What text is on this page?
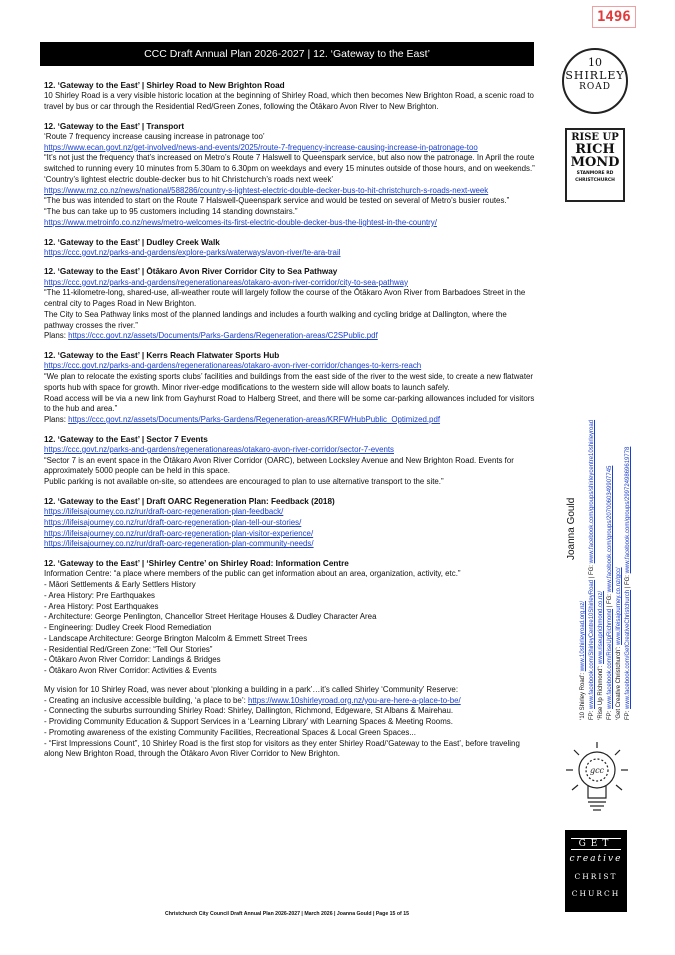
1496
CCC Draft Annual Plan 2026-2027 | 12. ‘Gateway to the East’
12. ‘Gateway to the East’ | Shirley Road to New Brighton Road
10 Shirley Road is a very visible historic location at the beginning of Shirley Road, which then becomes New Brighton Road, a scenic road to travel by bus or car through the Residential Red/Green Zones, following the Ōtākaro Avon River to New Brighton.
12. ‘Gateway to the East’ | Transport
‘Route 7 frequency increase causing increase in patronage too’
https://www.ecan.govt.nz/get-involved/news-and-events/2025/route-7-frequency-increase-causing-increase-in-patronage-too
“It’s not just the frequency that’s increased on Metro’s Route 7 Halswell to Queenspark service, but also now the patronage. In April the route switched to running every 10 minutes from 5.30am to 6.30pm on weekdays and every 15 minutes outside of those hours, and on weekends.”
‘Country’s lightest electric double-decker bus to hit Christchurch’s roads next week’
https://www.rnz.co.nz/news/national/588286/country-s-lightest-electric-double-decker-bus-to-hit-christchurch-s-roads-next-week
“The bus was intended to start on the Route 7 Halswell-Queenspark service and would be tested on several of Metro’s busier routes.”
“The bus can take up to 95 customers including 14 standing downstairs.”
https://www.metroinfo.co.nz/news/metro-welcomes-its-first-electric-double-decker-bus-the-lightest-in-the-country/
12. ‘Gateway to the East’ | Dudley Creek Walk
https://ccc.govt.nz/parks-and-gardens/explore-parks/waterways/avon-river/te-ara-trail
12. ‘Gateway to the East’ | Ōtākaro Avon River Corridor City to Sea Pathway
https://ccc.govt.nz/parks-and-gardens/regenerationareas/otakaro-avon-river-corridor/city-to-sea-pathway
“The 11-kilometre-long, shared-use, all-weather route will largely follow the course of the Ōtākaro Avon River from Barbadoes Street in the central city to Pages Road in New Brighton.
The City to Sea Pathway links most of the planned landings and includes a fourth walking and cycling bridge at Dallington, where the pathway crosses the river.”
Plans: https://ccc.govt.nz/assets/Documents/Parks-Gardens/Regeneration-areas/C2SPublic.pdf
12. ‘Gateway to the East’ | Kerrs Reach Flatwater Sports Hub
https://ccc.govt.nz/parks-and-gardens/regenerationareas/otakaro-avon-river-corridor/changes-to-kerrs-reach
“We plan to relocate the existing sports clubs’ facilities and buildings from the east side of the river to the west side, to create a new flatwater sports hub with space for growth. Minor river-edge modifications to the western side will allow boats to launch safely.
Road access will be via a new link from Gayhurst Road to Halberg Street, and there will be some car-parking allowances included for visitors to the hub and area.”
Plans: https://ccc.govt.nz/assets/Documents/Parks-Gardens/Regeneration-areas/KRFWHubPublic_Optimized.pdf
12. ‘Gateway to the East’ | Sector 7 Events
https://ccc.govt.nz/parks-and-gardens/regenerationareas/otakaro-avon-river-corridor/sector-7-events
“Sector 7 is an event space in the Ōtākaro Avon River Corridor (OARC), between Locksley Avenue and New Brighton Road. Events for approximately 5000 people can be held in this space.
Public parking is not available on-site, so attendees are encouraged to plan to use alternative transport to the site.”
12. ‘Gateway to the East’ | Draft OARC Regeneration Plan: Feedback (2018)
https://lifeisajourney.co.nz/rur/draft-oarc-regeneration-plan-feedback/
https://lifeisajourney.co.nz/rur/draft-oarc-regeneration-plan-tell-our-stories/
https://lifeisajourney.co.nz/rur/draft-oarc-regeneration-plan-visitor-experience/
https://lifeisajourney.co.nz/rur/draft-oarc-regeneration-plan-community-needs/
12. ‘Gateway to the East’ | ‘Shirley Centre’ on Shirley Road: Information Centre
Information Centre: “a place where members of the public can get information about an area, organization, activity, etc.”
- Māori Settlements & Early Settlers History
- Area History: Pre Earthquakes
- Area History: Post Earthquakes
- Architecture: George Penlington, Chancellor Street Heritage Houses & Dudley Character Area
- Engineering: Dudley Creek Flood Remediation
- Landscape Architecture: George Brington Malcolm & Emmett Street Trees
- Residential Red/Green Zone: “Tell Our Stories”
- Ōtākaro Avon River Corridor: Landings & Bridges
- Ōtākaro Avon River Corridor: Activities & Events
My vision for 10 Shirley Road, was never about ‘plonking a building in a park’…it’s called Shirley ‘Community’ Reserve:
- Creating an inclusive accessible building, ‘a place to be’: https://www.10shirleyroad.org.nz/you-are-here-a-place-to-be/
- Connecting the suburbs surrounding Shirley Road: Shirley, Dallington, Richmond, Edgeware, St Albans & Mairehau.
- Providing Community Education & Support Services in a ‘Learning Library’ with Learning Spaces & Meeting Rooms.
- Promoting awareness of the existing Community Facilities, Recreational Spaces & Local Green Spaces...
- “First Impressions Count”, 10 Shirley Road is the first stop for visitors as they enter Shirley Road/‘Gateway to the East’, before traveling along New Brighton Road, through the Ōtākaro Avon River Corridor to New Brighton.
Christchurch City Council Draft Annual Plan 2026-2027 | March 2026 | Joanna Gould | Page 15 of 15
10
SHIRLEY
ROAD
RISE UP
RICH
MOND
STANMORE RD
CHRISTCHURCH
Joanna Gould
‘10 Shirley Road’: www.10shirleyroad.org.nz/
FP: www.facebook.com/ShirleyCentre10ShirleyRoad | FG: www.facebook.com/groups/shirleycentre10shirleyroad
‘Rise Up Richmond’: www.riseuprichmond.co.nz/
FP: www.facebook.com/RiseUpRichmond | FG: www.facebook.com/groups/2070060349907745
‘Get Creative Christchurch’: www.lifeisajourney.co.nz/gcc/
FP: www.facebook.com/GetCreativeChristchurch | FG: www.facebook.com/groups/2997249869619778
gcc
GET
creative
CHRIST
CHURCH
